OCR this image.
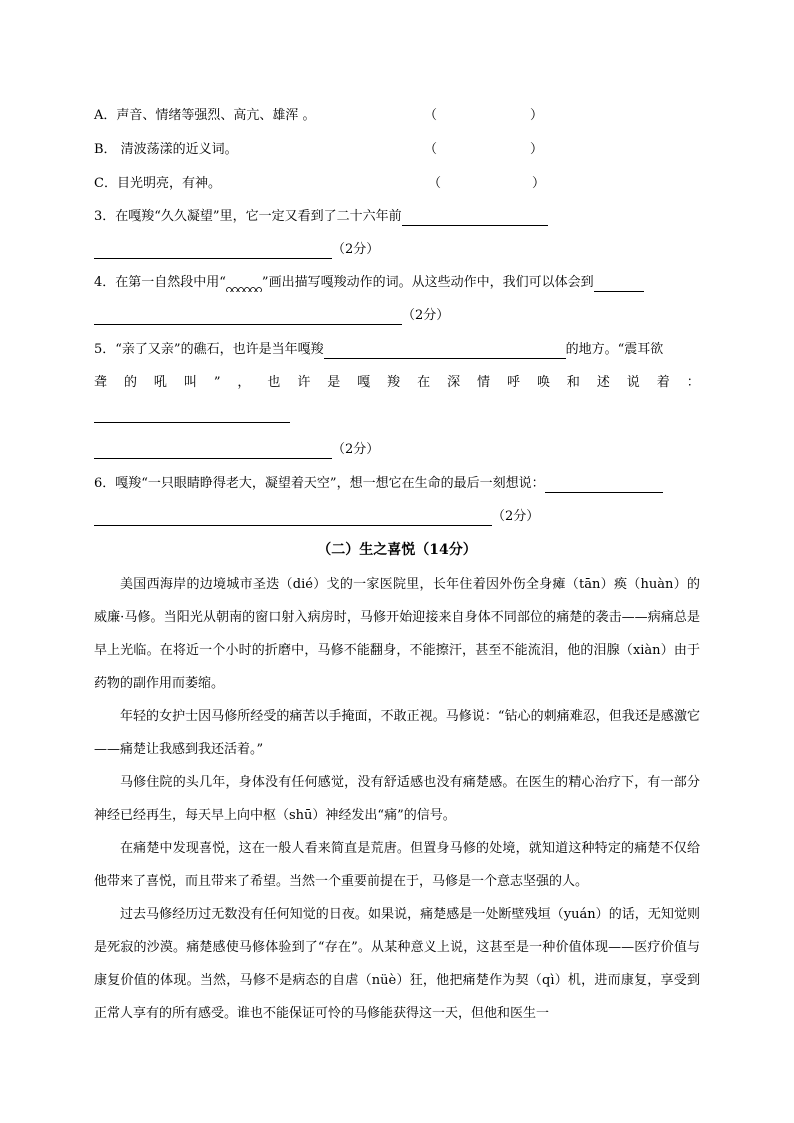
A．声音、情绪等强烈、高亢、雄浑 。	（	）
B． 清波荡漾的近义词。	（	）
C．目光明亮，有神。	（	）
3．在嘎羧“久久凝望”里，它一定又看到了二十六年前
（2分）
4．在第一自然段中用“	”画出描写嘎羧动作的词。从这些动作中，我们可以体会到
（2分）
5．“亲了又亲”的礁石，也许是当年嘎羧	的地方。“震耳欲
聋 的 吼 叫 ” ， 也 许 是 嘎 羧 在 深 情 呼 唤 和 述 说 着 ：
（2分）
6．嘎羧“一只眼睛睁得老大，凝望着天空”，想一想它在生命的最后一刻想说：
（2分）
（二）生之喜悦（14分）
美国西海岸的边境城市圣迭（dié）戈的一家医院里，长年住着因外伤全身瘫（tān）痪（huàn）的威廉·马修。当阳光从朝南的窗口射入病房时，马修开始迎接来自身体不同部位的痛楚的袭击——病痛总是早上光临。在将近一个小时的折磨中，马修不能翻身，不能擦汗，甚至不能流泪，他的泪腺（xiàn）由于药物的副作用而萎缩。
年轻的女护士因马修所经受的痛苦以手掩面，不敢正视。马修说：“钻心的刺痛难忍，但我还是感激它——痛楚让我感到我还活着。”
马修住院的头几年，身体没有任何感觉，没有舒适感也没有痛楚感。在医生的精心治疗下，有一部分神经已经再生，每天早上向中枢（shū）神经发出“痛”的信号。
在痛楚中发现喜悦，这在一般人看来简直是荒唐。但置身马修的处境，就知道这种特定的痛楚不仅给他带来了喜悦，而且带来了希望。当然一个重要前提在于，马修是一个意志坚强的人。
过去马修经历过无数没有任何知觉的日夜。如果说，痛楚感是一处断壁残垣（yuán）的话，无知觉则是死寂的沙漠。痛楚感使马修体验到了“存在”。从某种意义上说，这甚至是一种价值体现——医疗价值与康复价值的体现。当然，马修不是病态的自虐（nüè）狂，他把痛楚作为契（qì）机，进而康复，享受到正常人享有的所有感受。谁也不能保证可怜的马修能获得这一天，但他和医生一
